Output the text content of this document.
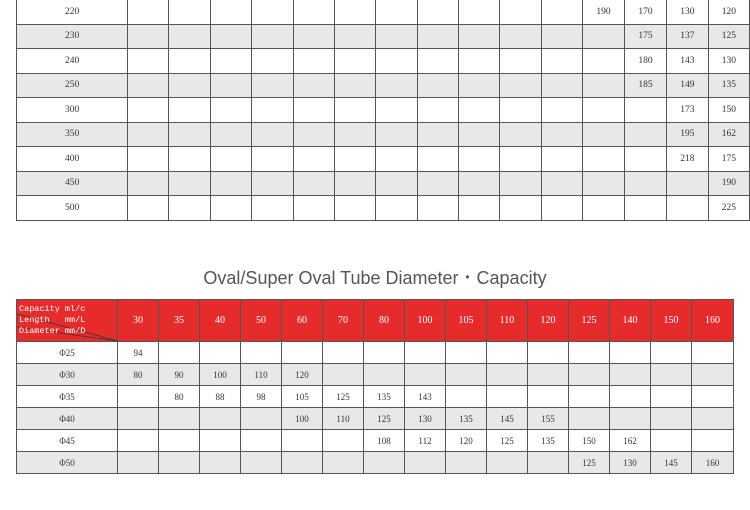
220												190	170	130	120
230													175	137	125
240													180	143	130
250													185	149	135
300														173	150
350														195	162
400														218	175
450															190
500															225
Oval/Super Oval Tube Diameter・Capacity
Capacity ml/c
Length   mm/L
Diameter mm/D	30	35	40	50	60	70	80	100	105	110	120	125	140	150	160
Φ25	94														
Φ30	80	90	100	110	120										
Φ35		80	88	98	105	125	135	143							
Φ40					100	110	125	130	135	145	155				
Φ45							108	112	120	125	135	150	162		
Φ50												125	130	145	160
